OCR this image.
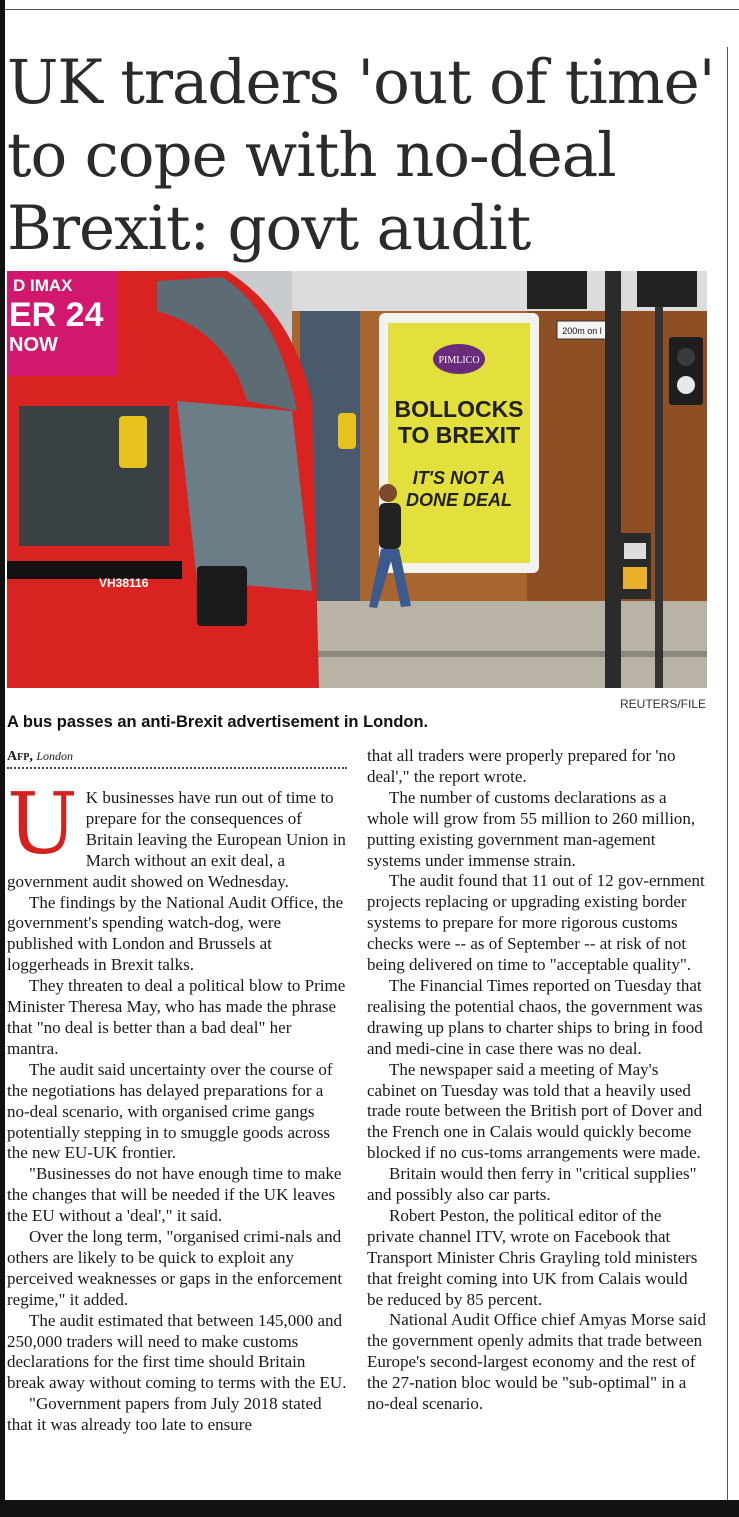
UK traders 'out of time' to cope with no-deal Brexit: govt audit
PIMLICO
BOLLOCKS
TO BREXIT
IT'S NOT A
DONE DEAL
200m on l
D IMAX
ER 24
NOW
VH38116
REUTERS/FILE

A bus passes an anti-Brexit advertisement in London.

Afp, London

U K businesses have run out of time to prepare for the consequences of Britain leaving the European Union in March without an exit deal, a government audit showed on Wednesday.

The findings by the National Audit Office, the government's spending watch-dog, were published with London and Brussels at loggerheads in Brexit talks.

They threaten to deal a political blow to Prime Minister Theresa May, who has made the phrase that "no deal is better than a bad deal" her mantra.

The audit said uncertainty over the course of the negotiations has delayed preparations for a no-deal scenario, with organised crime gangs potentially stepping in to smuggle goods across the new EU-UK frontier.

"Businesses do not have enough time to make the changes that will be needed if the UK leaves the EU without a 'deal'," it said.

Over the long term, "organised crimi-nals and others are likely to be quick to exploit any perceived weaknesses or gaps in the enforcement regime," it added.

The audit estimated that between 145,000 and 250,000 traders will need to make customs declarations for the first time should Britain break away without coming to terms with the EU.

"Government papers from July 2018 stated that it was already too late to ensure

that all traders were properly prepared for 'no deal'," the report wrote.

The number of customs declarations as a whole will grow from 55 million to 260 million, putting existing government man-agement systems under immense strain.

The audit found that 11 out of 12 gov-ernment projects replacing or upgrading existing border systems to prepare for more rigorous customs checks were -- as of September -- at risk of not being delivered on time to "acceptable quality".

The Financial Times reported on Tuesday that realising the potential chaos, the government was drawing up plans to charter ships to bring in food and medi-cine in case there was no deal.

The newspaper said a meeting of May's cabinet on Tuesday was told that a heavily used trade route between the British port of Dover and the French one in Calais would quickly become blocked if no cus-toms arrangements were made.

Britain would then ferry in "critical supplies" and possibly also car parts.

Robert Peston, the political editor of the private channel ITV, wrote on Facebook that Transport Minister Chris Grayling told ministers that freight coming into UK from Calais would be reduced by 85 percent.

National Audit Office chief Amyas Morse said the government openly admits that trade between Europe's second-largest economy and the rest of the 27-nation bloc would be "sub-optimal" in a no-deal scenario.
